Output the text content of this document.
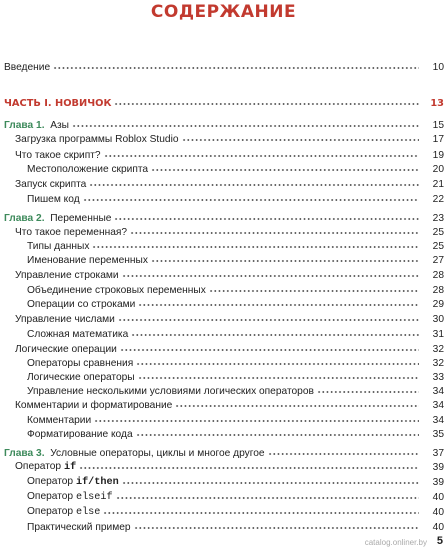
СОДЕРЖАНИЕ
Введение	10
ЧАСТЬ I. НОВИЧОК	13
Глава 1. Азы	15
Загрузка программы Roblox Studio	17
Что такое скрипт?	19
Местоположение скрипта	20
Запуск скрипта	21
Пишем код	22
Глава 2. Переменные	23
Что такое переменная?	25
Типы данных	25
Именование переменных	27
Управление строками	28
Объединение строковых переменных	28
Операции со строками	29
Управление числами	30
Сложная математика	31
Логические операции	32
Операторы сравнения	32
Логические операторы	33
Управление несколькими условиями логических операторов	34
Комментарии и форматирование	34
Комментарии	34
Форматирование кода	35
Глава 3. Условные операторы, циклы и многое другое	37
Оператор if	39
Оператор if/then	39
Оператор elseif	40
Оператор else	40
Практический пример	40
catalog.onliner.by 5
